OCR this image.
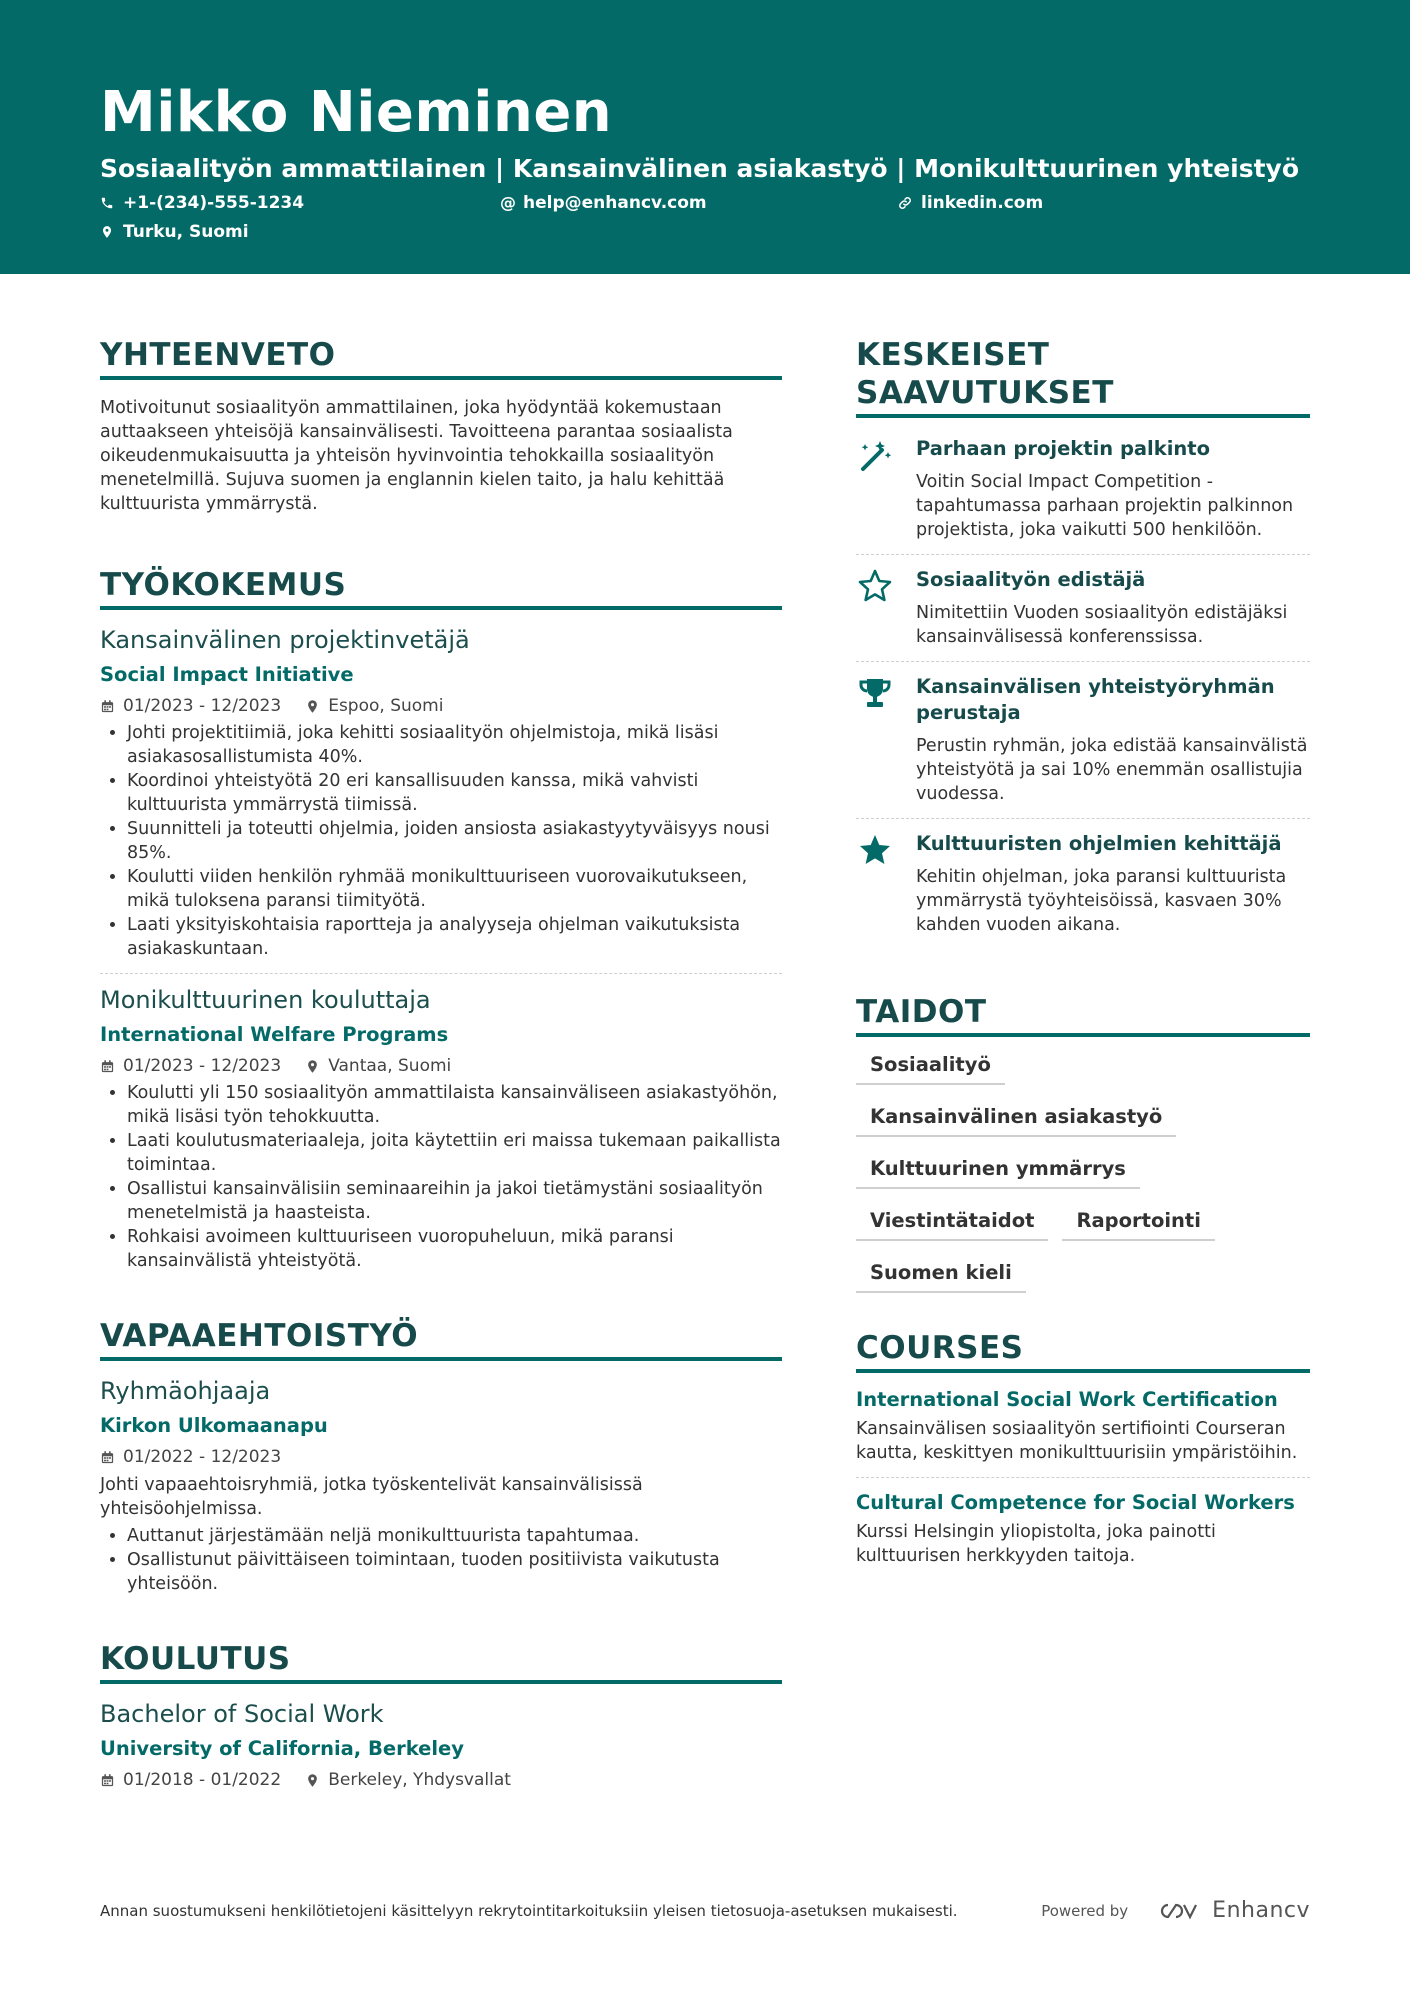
Mikko Nieminen
Sosiaalityön ammattilainen | Kansainvälinen asiakastyö | Monikulttuurinen yhteistyö
+1-(234)-555-1234	@ help@enhancv.com	linkedin.com
Turku, Suomi
YHTEENVETO

Motivoitunut sosiaalityön ammattilainen, joka hyödyntää kokemustaan auttaakseen yhteisöjä kansainvälisesti. Tavoitteena parantaa sosiaalista oikeudenmukaisuutta ja yhteisön hyvinvointia tehokkailla sosiaalityön menetelmillä. Sujuva suomen ja englannin kielen taito, ja halu kehittää kulttuurista ymmärrystä.

TYÖKOKEMUS
Kansainvälinen projektinvetäjä
Social Impact Initiative
01/2023 - 12/2023	Espoo, Suomi
• Johti projektitiimiä, joka kehitti sosiaalityön ohjelmistoja, mikä lisäsi asiakasosallistumista 40%.
• Koordinoi yhteistyötä 20 eri kansallisuuden kanssa, mikä vahvisti kulttuurista ymmärrystä tiimissä.
• Suunnitteli ja toteutti ohjelmia, joiden ansiosta asiakastyytyväisyys nousi 85%.
• Koulutti viiden henkilön ryhmää monikulttuuriseen vuorovaikutukseen, mikä tuloksena paransi tiimityötä.
• Laati yksityiskohtaisia raportteja ja analyyseja ohjelman vaikutuksista asiakaskuntaan.
Monikulttuurinen kouluttaja
International Welfare Programs
01/2023 - 12/2023	Vantaa, Suomi
• Koulutti yli 150 sosiaalityön ammattilaista kansainväliseen asiakastyöhön, mikä lisäsi työn tehokkuutta.
• Laati koulutusmateriaaleja, joita käytettiin eri maissa tukemaan paikallista toimintaa.
• Osallistui kansainvälisiin seminaareihin ja jakoi tietämystäni sosiaalityön menetelmistä ja haasteista.
• Rohkaisi avoimeen kulttuuriseen vuoropuheluun, mikä paransi kansainvälistä yhteistyötä.
VAPAAEHTOISTYÖ
Ryhmäohjaaja
Kirkon Ulkomaanapu
01/2022 - 12/2023

Johti vapaaehtoisryhmiä, jotka työskentelivät kansainvälisissä yhteisöohjelmissa.

• Auttanut järjestämään neljä monikulttuurista tapahtumaa.
• Osallistunut päivittäiseen toimintaan, tuoden positiivista vaikutusta yhteisöön.
KOULUTUS
Bachelor of Social Work
University of California, Berkeley
01/2018 - 01/2022	Berkeley, Yhdysvallat
KESKEISET SAAVUTUKSET
Parhaan projektin palkinto
Voitin Social Impact Competition -tapahtumassa parhaan projektin palkinnon projektista, joka vaikutti 500 henkilöön.
Sosiaalityön edistäjä
Nimitettiin Vuoden sosiaalityön edistäjäksi kansainvälisessä konferenssissa.
Kansainvälisen yhteistyöryhmän perustaja
Perustin ryhmän, joka edistää kansainvälistä yhteistyötä ja sai 10% enemmän osallistujia vuodessa.
Kulttuuristen ohjelmien kehittäjä
Kehitin ohjelman, joka paransi kulttuurista ymmärrystä työyhteisöissä, kasvaen 30% kahden vuoden aikana.
TAIDOT
Sosiaalityö
Kansainvälinen asiakastyö
Kulttuurinen ymmärrys
Viestintätaidot	Raportointi
Suomen kieli
COURSES
International Social Work Certification
Kansainvälisen sosiaalityön sertifiointi Courseran kautta, keskittyen monikulttuurisiin ympäristöihin.
Cultural Competence for Social Workers
Kurssi Helsingin yliopistolta, joka painotti kulttuurisen herkkyyden taitoja.
Annan suostumukseni henkilötietojeni käsittelyyn rekrytointitarkoituksiin yleisen tietosuoja-asetuksen mukaisesti.	Powered by	Enhancv
